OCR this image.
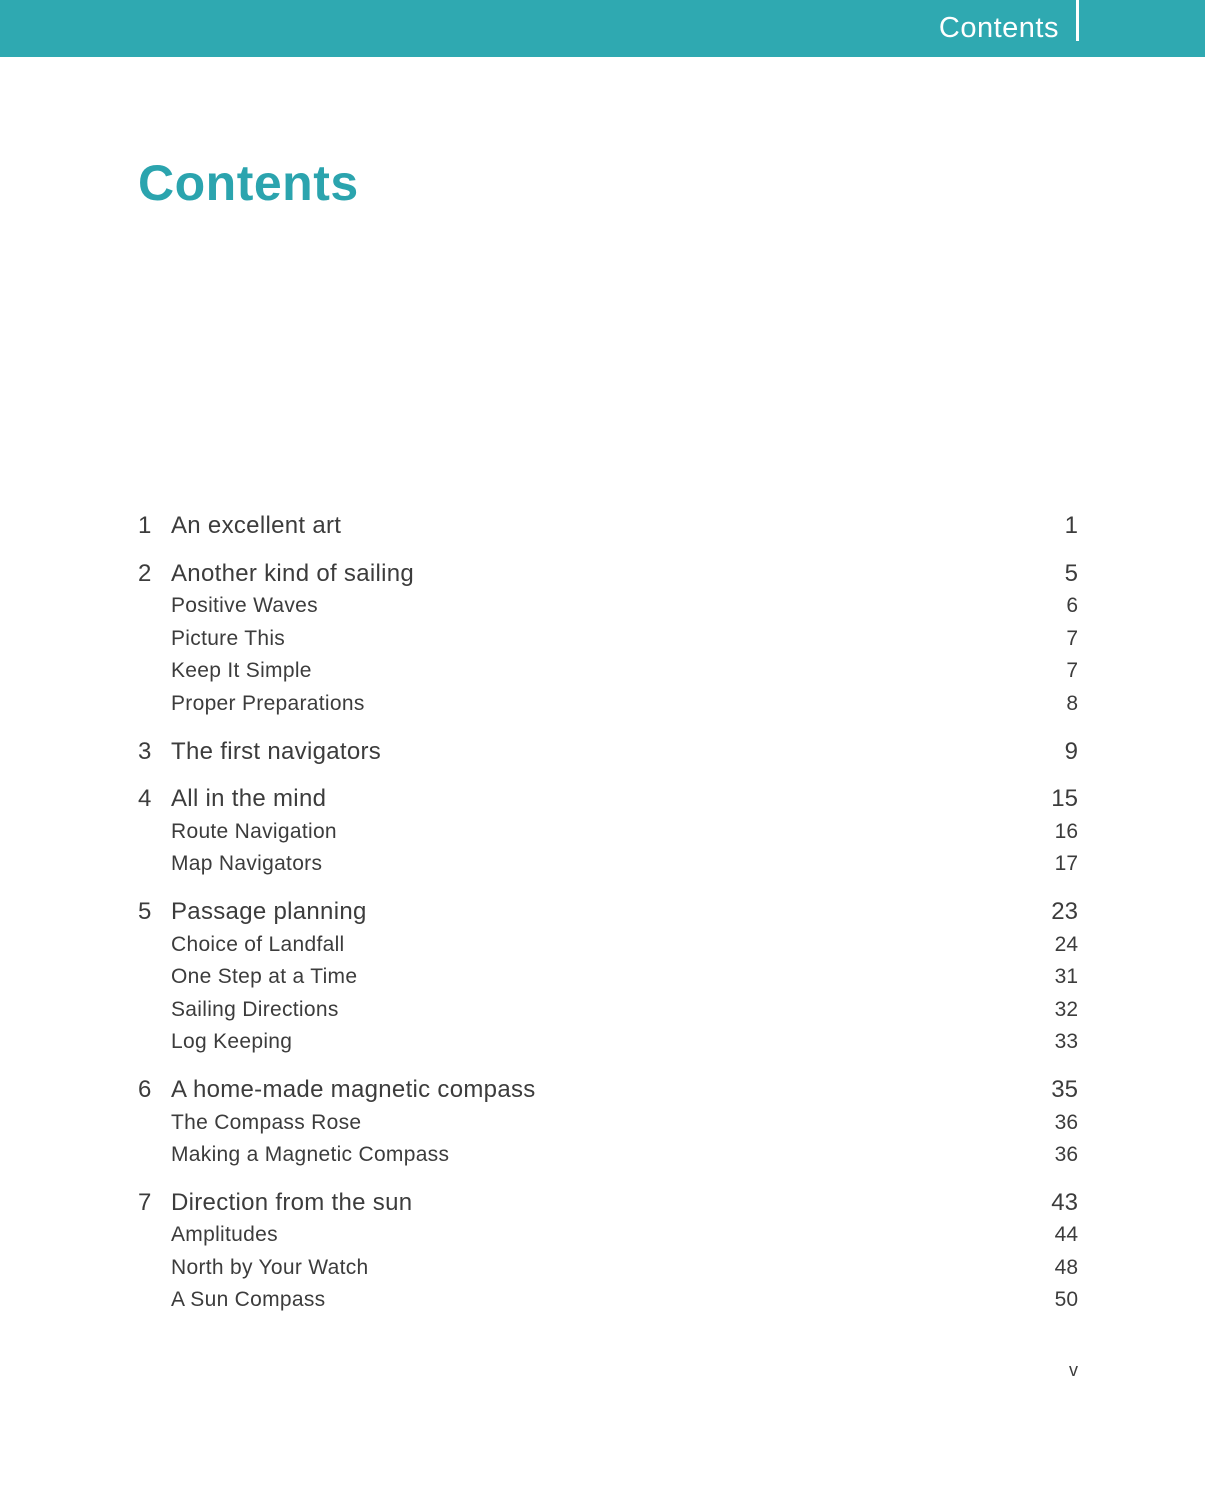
Contents
Contents
1 An excellent art	1
2 Another kind of sailing	5
Positive Waves	6
Picture This	7
Keep It Simple	7
Proper Preparations	8
3 The first navigators	9
4 All in the mind	15
Route Navigation	16
Map Navigators	17
5 Passage planning	23
Choice of Landfall	24
One Step at a Time	31
Sailing Directions	32
Log Keeping	33
6 A home-made magnetic compass	35
The Compass Rose	36
Making a Magnetic Compass	36
7 Direction from the sun	43
Amplitudes	44
North by Your Watch	48
A Sun Compass	50
v
